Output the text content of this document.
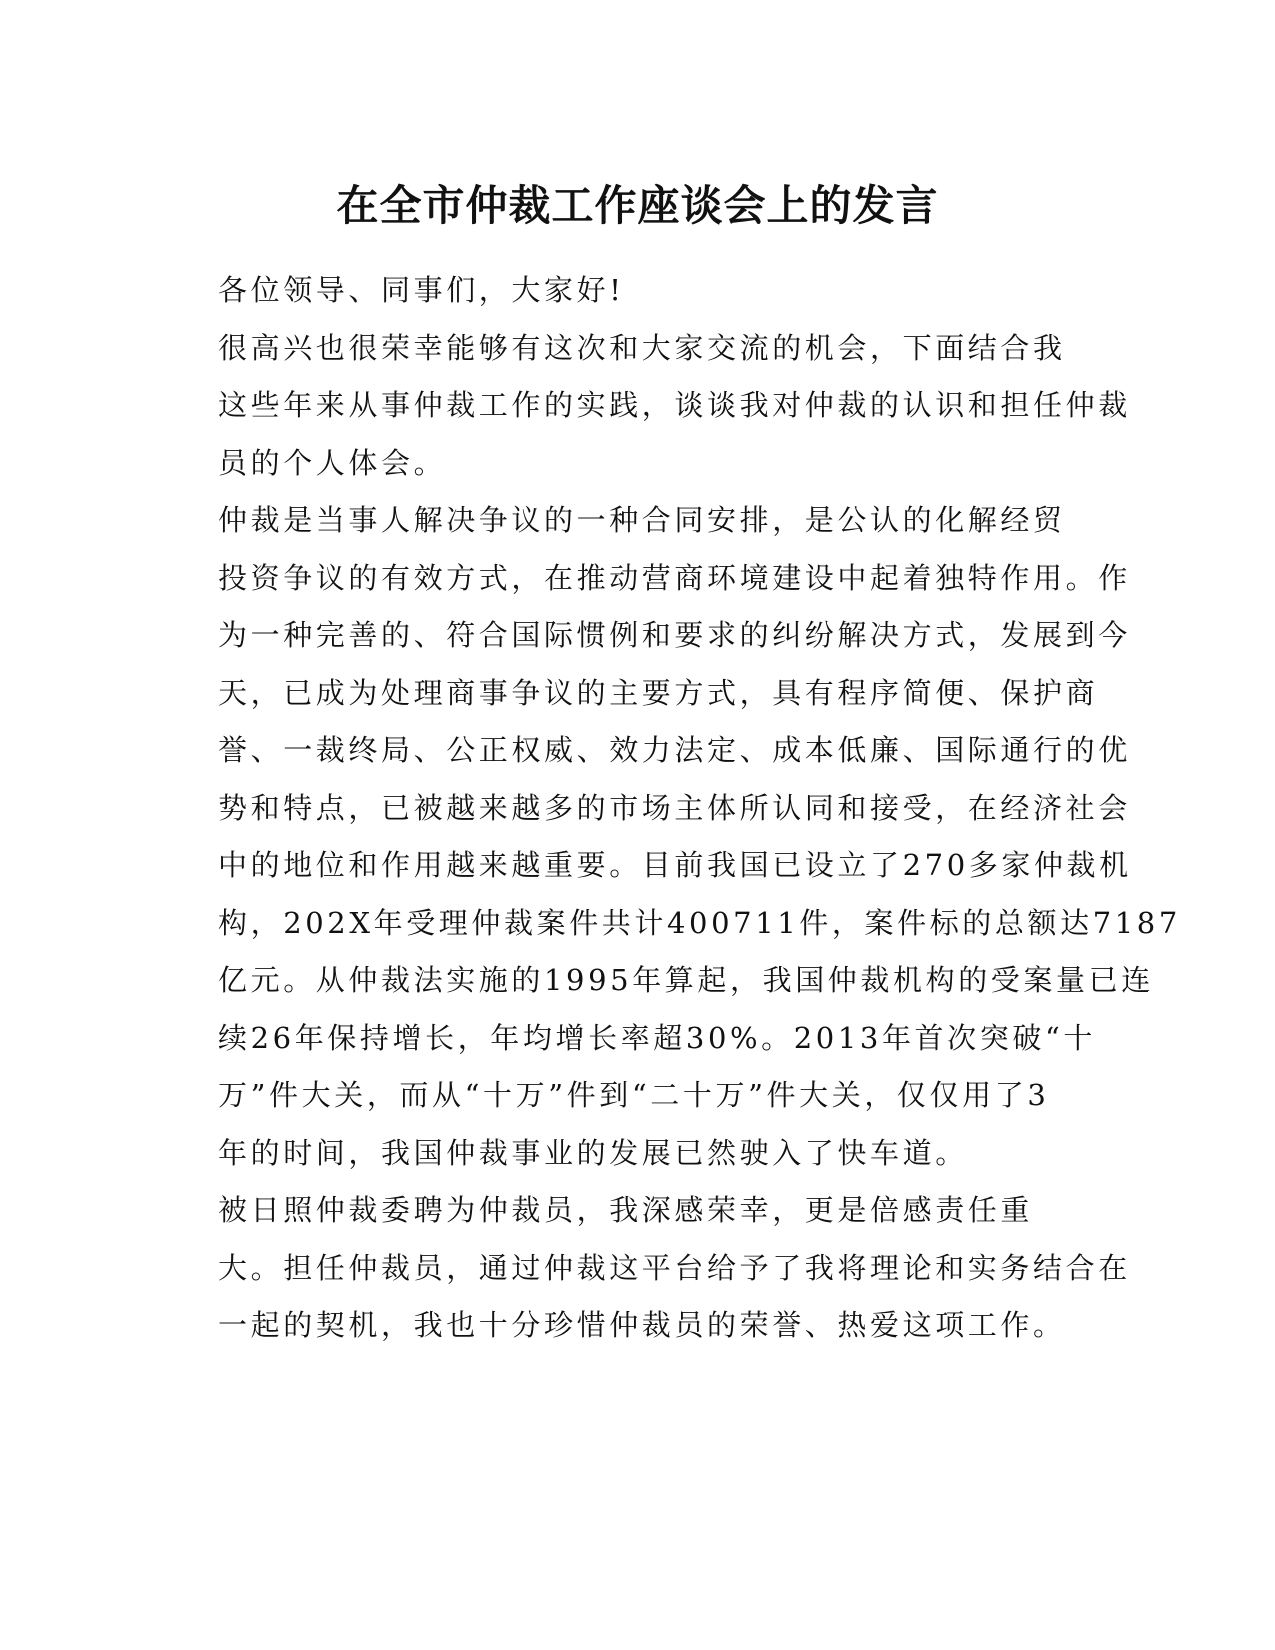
在全市仲裁工作座谈会上的发言

各位领导、同事们，大家好!

很高兴也很荣幸能够有这次和大家交流的机会，下面结合我
这些年来从事仲裁工作的实践，谈谈我对仲裁的认识和担任仲裁
员的个人体会。

仲裁是当事人解决争议的一种合同安排，是公认的化解经贸
投资争议的有效方式，在推动营商环境建设中起着独特作用。作
为一种完善的、符合国际惯例和要求的纠纷解决方式，发展到今
天，已成为处理商事争议的主要方式，具有程序简便、保护商
誉、一裁终局、公正权威、效力法定、成本低廉、国际通行的优
势和特点，已被越来越多的市场主体所认同和接受，在经济社会
中的地位和作用越来越重要。目前我国已设立了270多家仲裁机
构，202X年受理仲裁案件共计400711件，案件标的总额达7187
亿元。从仲裁法实施的1995年算起，我国仲裁机构的受案量已连
续26年保持增长，年均增长率超30%。2013年首次突破“十
万”件大关，而从“十万”件到“二十万”件大关，仅仅用了3
年的时间，我国仲裁事业的发展已然驶入了快车道。

被日照仲裁委聘为仲裁员，我深感荣幸，更是倍感责任重
大。担任仲裁员，通过仲裁这平台给予了我将理论和实务结合在
一起的契机，我也十分珍惜仲裁员的荣誉、热爱这项工作。
